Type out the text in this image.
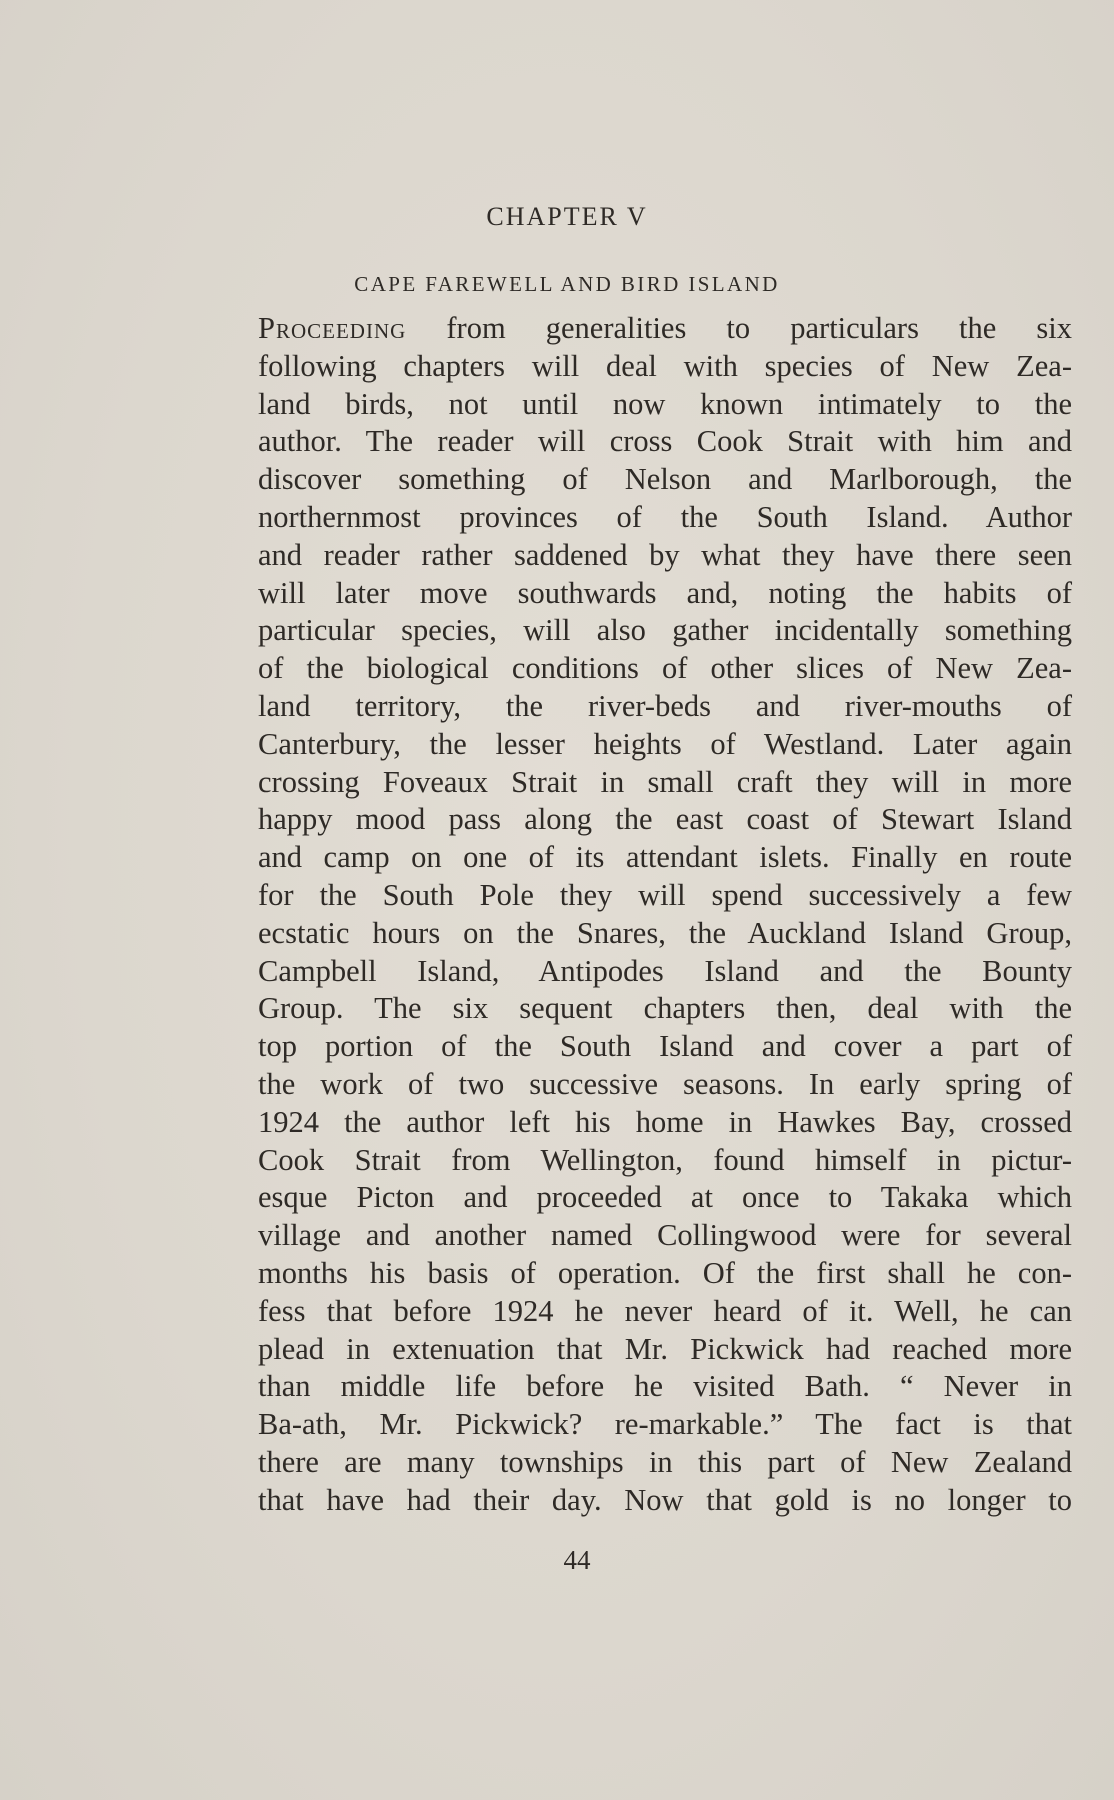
CHAPTER V
CAPE FAREWELL AND BIRD ISLAND
Proceeding from generalities to particulars the six
following chapters will deal with species of New Zea-
land birds, not until now known intimately to the
author. The reader will cross Cook Strait with him and
discover something of Nelson and Marlborough, the
northernmost provinces of the South Island. Author
and reader rather saddened by what they have there seen
will later move southwards and, noting the habits of
particular species, will also gather incidentally something
of the biological conditions of other slices of New Zea-
land territory, the river-beds and river-mouths of
Canterbury, the lesser heights of Westland. Later again
crossing Foveaux Strait in small craft they will in more
happy mood pass along the east coast of Stewart Island
and camp on one of its attendant islets. Finally en route
for the South Pole they will spend successively a few
ecstatic hours on the Snares, the Auckland Island Group,
Campbell Island, Antipodes Island and the Bounty
Group. The six sequent chapters then, deal with the
top portion of the South Island and cover a part of
the work of two successive seasons. In early spring of
1924 the author left his home in Hawkes Bay, crossed
Cook Strait from Wellington, found himself in pictur-
esque Picton and proceeded at once to Takaka which
village and another named Collingwood were for several
months his basis of operation. Of the first shall he con-
fess that before 1924 he never heard of it. Well, he can
plead in extenuation that Mr. Pickwick had reached more
than middle life before he visited Bath. “ Never in
Ba-ath, Mr. Pickwick? re-markable.” The fact is that
there are many townships in this part of New Zealand
that have had their day. Now that gold is no longer to
44
